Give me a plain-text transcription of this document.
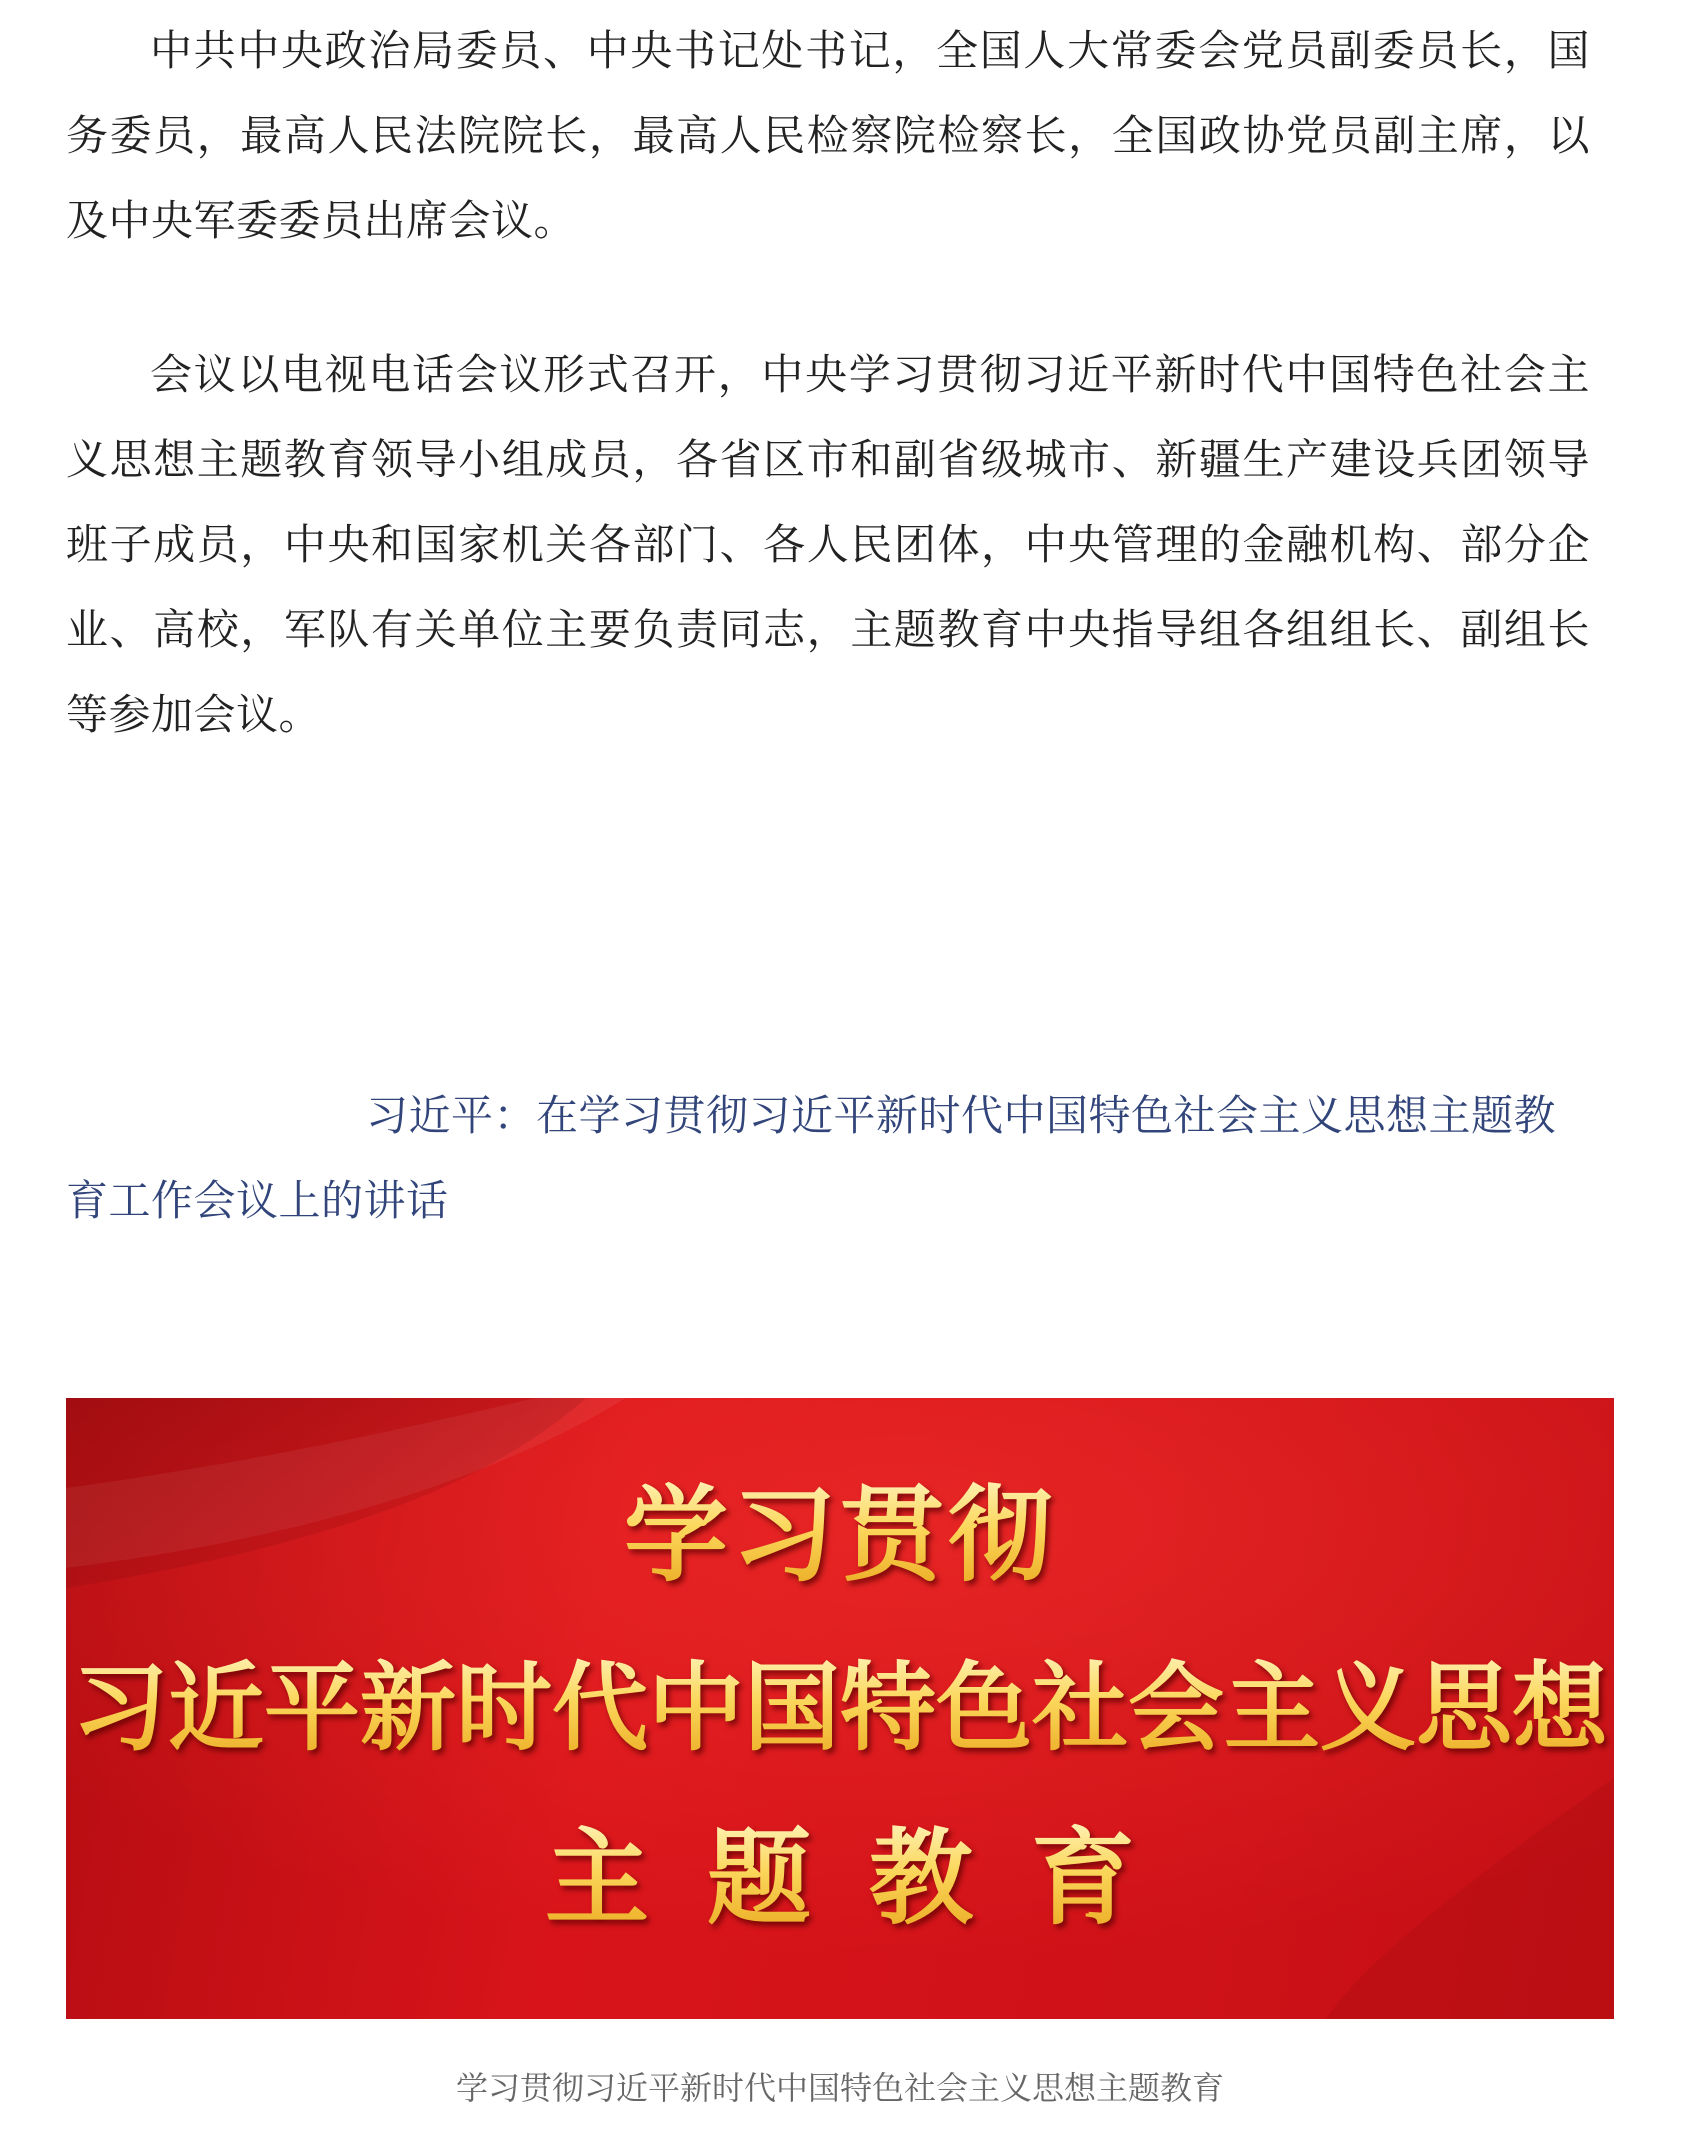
中共中央政治局委员、中央书记处书记，全国人大常委会党员副委员长，国务委员，最高人民法院院长，最高人民检察院检察长，全国政协党员副主席，以及中央军委委员出席会议。

会议以电视电话会议形式召开，中央学习贯彻习近平新时代中国特色社会主义思想主题教育领导小组成员，各省区市和副省级城市、新疆生产建设兵团领导班子成员，中央和国家机关各部门、各人民团体，中央管理的金融机构、部分企业、高校，军队有关单位主要负责同志，主题教育中央指导组各组组长、副组长等参加会议。

习近平：在学习贯彻习近平新时代中国特色社会主义思想主题教育工作会议上的讲话
学习贯彻
习近平新时代中国特色社会主义思想
主题教育
学习贯彻习近平新时代中国特色社会主义思想主题教育
